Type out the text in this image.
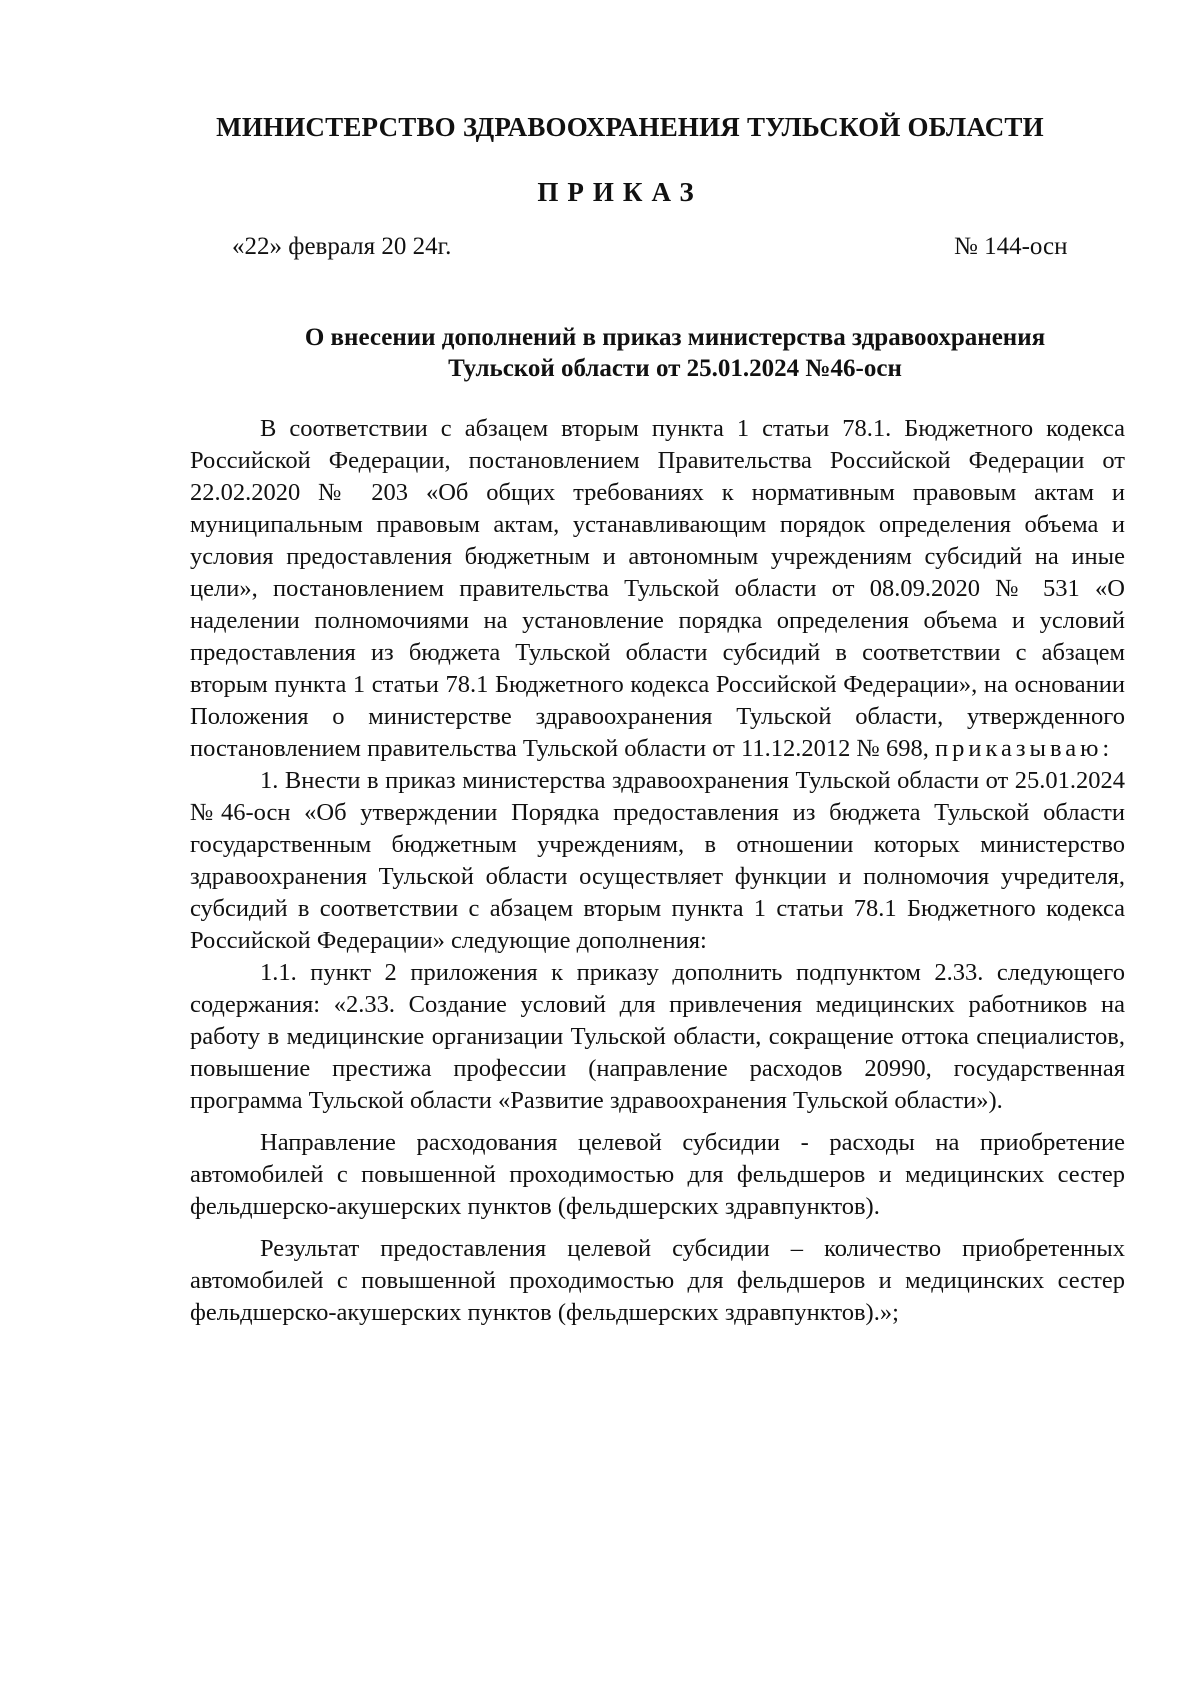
МИНИСТЕРСТВО ЗДРАВООХРАНЕНИЯ ТУЛЬСКОЙ ОБЛАСТИ
ПРИКАЗ
«22» февраля 20 24г.	№ 144-осн
О внесении дополнений в приказ министерства здравоохранения
Тульской области от 25.01.2024 №46-осн

В соответствии с абзацем вторым пункта 1 статьи 78.1. Бюджетного кодекса Российской Федерации, постановлением Правительства Российской Федерации от 22.02.2020 № 203 «Об общих требованиях к нормативным правовым актам и муниципальным правовым актам, устанавливающим порядок определения объема и условия предоставления бюджетным и автономным учреждениям субсидий на иные цели», постановлением правительства Тульской области от 08.09.2020 № 531 «О наделении полномочиями на установление порядка определения объема и условий предоставления из бюджета Тульской области субсидий в соответствии с абзацем вторым пункта 1 статьи 78.1 Бюджетного кодекса Российской Федерации», на основании Положения о министерстве здравоохранения Тульской области, утвержденного постановлением правительства Тульской области от 11.12.2012 № 698, приказываю:

1. Внести в приказ министерства здравоохранения Тульской области от 25.01.2024 №46-осн «Об утверждении Порядка предоставления из бюджета Тульской области государственным бюджетным учреждениям, в отношении которых министерство здравоохранения Тульской области осуществляет функции и полномочия учредителя, субсидий в соответствии с абзацем вторым пункта 1 статьи 78.1 Бюджетного кодекса Российской Федерации» следующие дополнения:

1.1. пункт 2 приложения к приказу дополнить подпунктом 2.33. следующего содержания: «2.33. Создание условий для привлечения медицинских работников на работу в медицинские организации Тульской области, сокращение оттока специалистов, повышение престижа профессии (направление расходов 20990, государственная программа Тульской области «Развитие здравоохранения Тульской области»).

Направление расходования целевой субсидии - расходы на приобретение автомобилей с повышенной проходимостью для фельдшеров и медицинских сестер фельдшерско-акушерских пунктов (фельдшерских здравпунктов).

Результат предоставления целевой субсидии – количество приобретенных автомобилей с повышенной проходимостью для фельдшеров и медицинских сестер фельдшерско-акушерских пунктов (фельдшерских здравпунктов).»;
